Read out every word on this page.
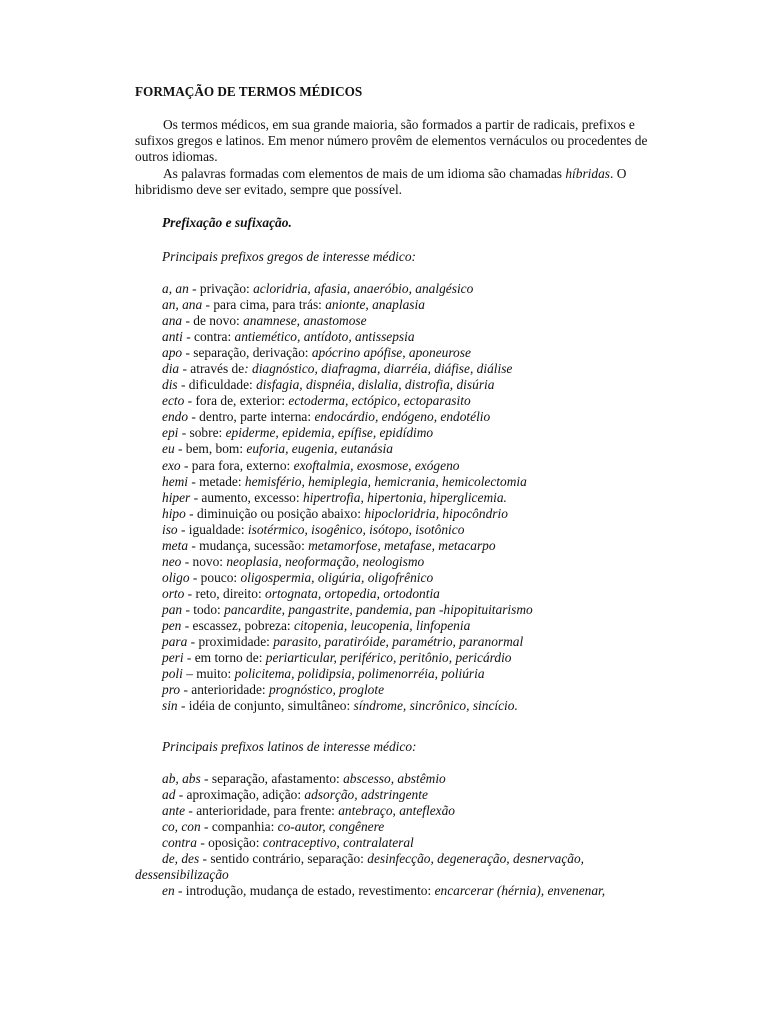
FORMAÇÃO DE TERMOS MÉDICOS

Os termos médicos, em sua grande maioria, são formados a partir de radicais, prefixos e sufixos gregos e latinos. Em menor número provêm de elementos vernáculos ou procedentes de outros idiomas.

As palavras formadas com elementos de mais de um idioma são chamadas híbridas. O hibridismo deve ser evitado, sempre que possível.

Prefixação e sufixação.
Principais prefixos gregos de interesse médico:
a, an - privação: acloridria, afasia, anaeróbio, analgésico
an, ana - para cima, para trás: anionte, anaplasia
ana - de novo: anamnese, anastomose
anti - contra: antiemético, antídoto, antissepsia
apo - separação, derivação: apócrino apófise, aponeurose
dia - através de: diagnóstico, diafragma, diarréia, diáfise, diálise
dis - dificuldade: disfagia, dispnéia, dislalia, distrofia, disúria
ecto - fora de, exterior: ectoderma, ectópico, ectoparasito
endo - dentro, parte interna: endocárdio, endógeno, endotélio
epi - sobre: epiderme, epidemia, epífise, epidídimo
eu - bem, bom: euforia, eugenia, eutanásia
exo - para fora, externo: exoftalmia, exosmose, exógeno
hemi - metade: hemisfério, hemiplegia, hemicrania, hemicolectomia
hiper - aumento, excesso: hipertrofia, hipertonia, hiperglicemia.
hipo - diminuição ou posição abaixo: hipocloridria, hipocôndrio
iso - igualdade: isotérmico, isogênico, isótopo, isotônico
meta - mudança, sucessão: metamorfose, metafase, metacarpo
neo - novo: neoplasia, neoformação, neologismo
oligo - pouco: oligospermia, oligúria, oligofrênico
orto - reto, direito: ortognata, ortopedia, ortodontia
pan - todo: pancardite, pangastrite, pandemia, pan -hipopituitarismo
pen - escassez, pobreza: citopenia, leucopenia, linfopenia
para - proximidade: parasito, paratiróide, paramétrio, paranormal
peri - em torno de: periarticular, periférico, peritônio, pericárdio
poli – muito: policitema, polidipsia, polimenorréia, poliúria
pro - anterioridade: prognóstico, proglote
sin - idéia de conjunto, simultâneo: síndrome, sincrônico, sincício.
Principais prefixos latinos de interesse médico:
ab, abs - separação, afastamento: abscesso, abstêmio
ad - aproximação, adição: adsorção, adstringente
ante - anterioridade, para frente: antebraço, anteflexão
co, con - companhia: co-autor, congênere
contra - oposição: contraceptivo, contralateral
de, des - sentido contrário, separação: desinfecção, degeneração, desnervação,
dessensibilização
en - introdução, mudança de estado, revestimento: encarcerar (hérnia), envenenar,
